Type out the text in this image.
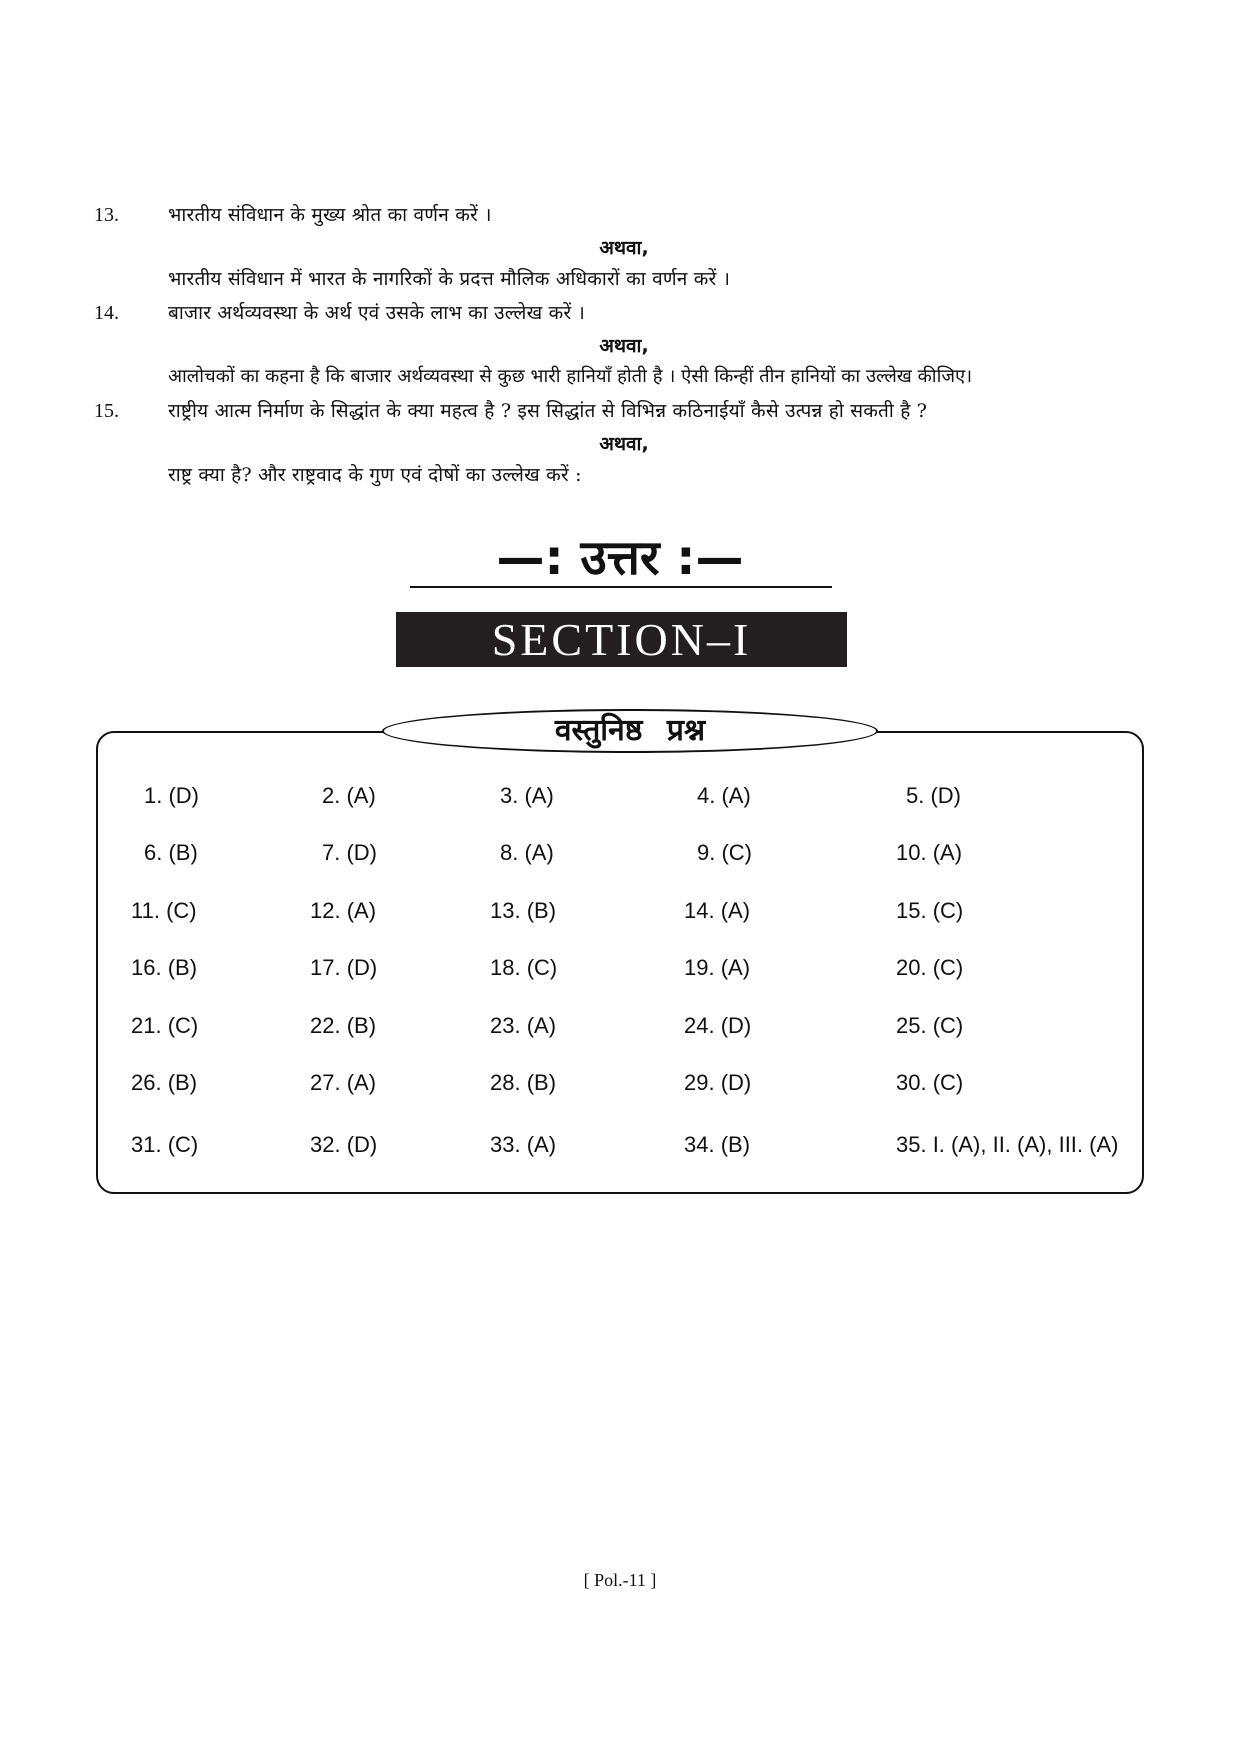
13.	भारतीय संविधान के मुख्य श्रोत का वर्णन करें ।
अथवा,
भारतीय संविधान में भारत के नागरिकों के प्रदत्त मौलिक अधिकारों का वर्णन करें ।
14.	बाजार अर्थव्यवस्था के अर्थ एवं उसके लाभ का उल्लेख करें ।
अथवा,
आलोचकों का कहना है कि बाजार अर्थव्यवस्था से कुछ भारी हानियाँ होती है । ऐसी किन्हीं तीन हानियों का उल्लेख कीजिए।
15.	राष्ट्रीय आत्म निर्माण के सिद्धांत के क्या महत्व है ? इस सिद्धांत से विभिन्न कठिनाईयाँ कैसे उत्पन्न हो सकती है ?
अथवा,
राष्ट्र क्या है? और राष्ट्रवाद के गुण एवं दोषों का उल्लेख करें :
—: उत्तर :—
SECTION–I
वस्तुनिष्ठ प्रश्न
1. (D)	2. (A)	3. (A)	4. (A)	5. (D)
6. (B)	7. (D)	8. (A)	9. (C)	10. (A)
11. (C)	12. (A)	13. (B)	14. (A)	15. (C)
16. (B)	17. (D)	18. (C)	19. (A)	20. (C)
21. (C)	22. (B)	23. (A)	24. (D)	25. (C)
26. (B)	27. (A)	28. (B)	29. (D)	30. (C)
31. (C)	32. (D)	33. (A)	34. (B)	35. I. (A), II. (A), III. (A)
[ Pol.-11 ]
